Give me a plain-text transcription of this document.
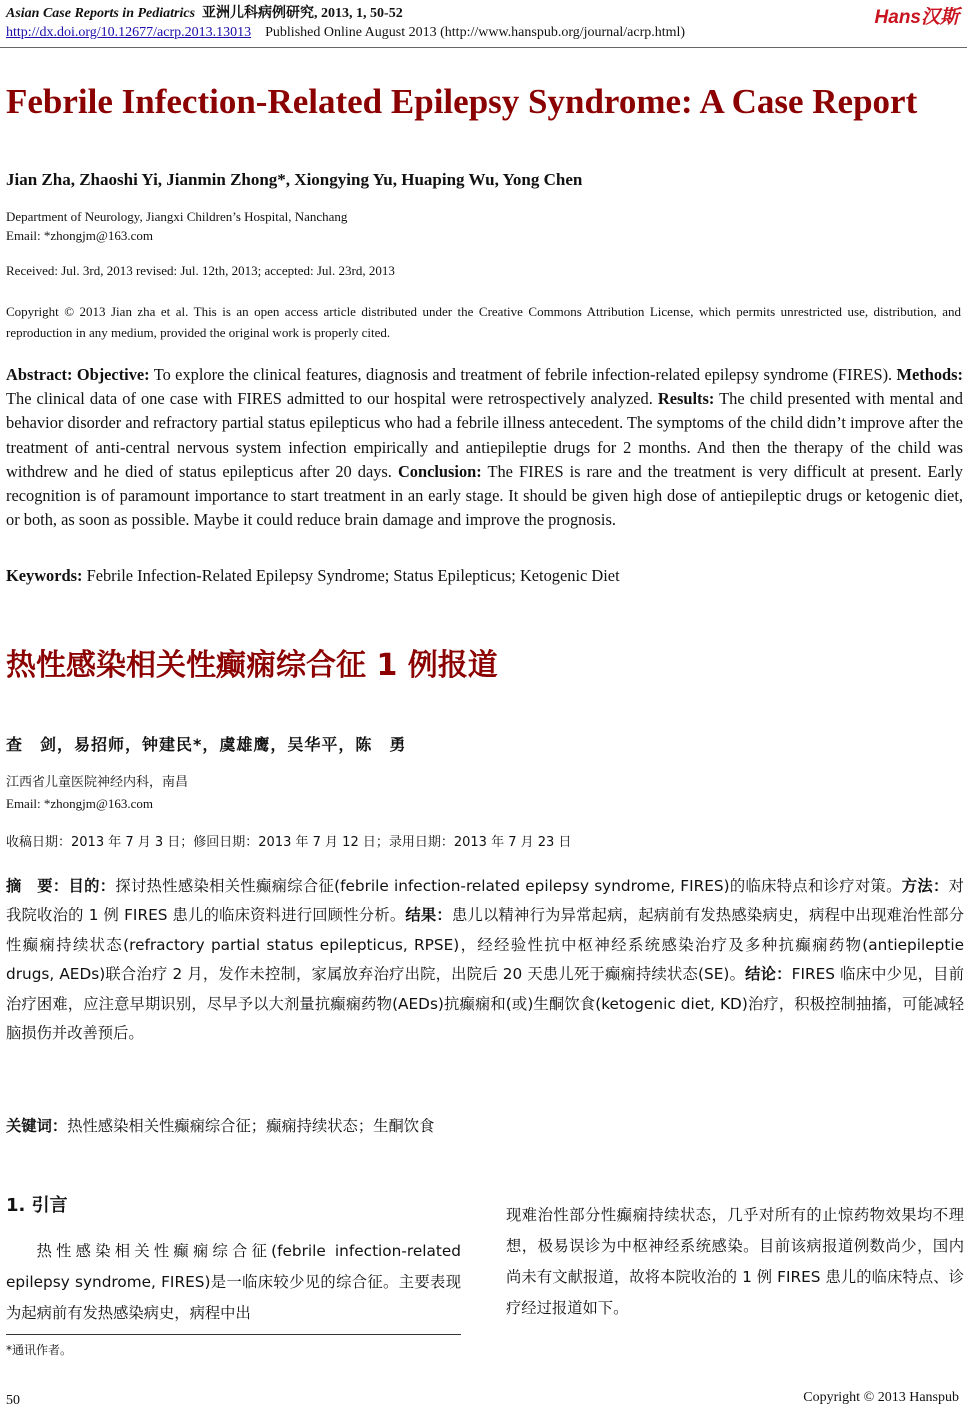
Asian Case Reports in Pediatrics 亚洲儿科病例研究, 2013, 1, 50-52
http://dx.doi.org/10.12677/acrp.2013.13013 Published Online August 2013 (http://www.hanspub.org/journal/acrp.html)
Hans汉斯
Febrile Infection-Related Epilepsy Syndrome: A Case Report
Jian Zha, Zhaoshi Yi, Jianmin Zhong*, Xiongying Yu, Huaping Wu, Yong Chen
Department of Neurology, Jiangxi Children’s Hospital, Nanchang
Email: *zhongjm@163.com
Received: Jul. 3rd, 2013 revised: Jul. 12th, 2013; accepted: Jul. 23rd, 2013
Copyright © 2013 Jian zha et al. This is an open access article distributed under the Creative Commons Attribution License, which permits unrestricted use, distribution, and reproduction in any medium, provided the original work is properly cited.
Abstract: Objective: To explore the clinical features, diagnosis and treatment of febrile infection-related epilepsy syndrome (FIRES). Methods: The clinical data of one case with FIRES admitted to our hospital were retrospectively analyzed. Results: The child presented with mental and behavior disorder and refractory partial status epilepticus who had a febrile illness antecedent. The symptoms of the child didn’t improve after the treatment of anti-central nervous system infection empirically and antiepileptie drugs for 2 months. And then the therapy of the child was withdrew and he died of status epilepticus after 20 days. Conclusion: The FIRES is rare and the treatment is very difficult at present. Early recognition is of paramount importance to start treatment in an early stage. It should be given high dose of antiepileptic drugs or ketogenic diet, or both, as soon as possible. Maybe it could reduce brain damage and improve the prognosis.
Keywords: Febrile Infection-Related Epilepsy Syndrome; Status Epilepticus; Ketogenic Diet
热性感染相关性癫痫综合征 1 例报道
查　剑，易招师，钟建民*，虞雄鹰，吴华平，陈　勇
江西省儿童医院神经内科，南昌
Email: *zhongjm@163.com
收稿日期：2013 年 7 月 3 日；修回日期：2013 年 7 月 12 日；录用日期：2013 年 7 月 23 日
摘　要：目的：探讨热性感染相关性癫痫综合征(febrile infection-related epilepsy syndrome, FIRES)的临床特点和诊疗对策。方法：对我院收治的 1 例 FIRES 患儿的临床资料进行回顾性分析。结果：患儿以精神行为异常起病，起病前有发热感染病史，病程中出现难治性部分性癫痫持续状态(refractory partial status epilepticus, RPSE)，经经验性抗中枢神经系统感染治疗及多种抗癫痫药物(antiepileptie drugs, AEDs)联合治疗 2 月，发作未控制，家属放弃治疗出院，出院后 20 天患儿死于癫痫持续状态(SE)。结论：FIRES 临床中少见，目前治疗困难，应注意早期识别，尽早予以大剂量抗癫痫药物(AEDs)抗癫痫和(或)生酮饮食(ketogenic diet, KD)治疗，积极控制抽搐，可能减轻脑损伤并改善预后。
关键词：热性感染相关性癫痫综合征；癫痫持续状态；生酮饮食
1. 引言
热性感染相关性癫痫综合征(febrile infection-related epilepsy syndrome, FIRES)是一临床较少见的综合征。主要表现为起病前有发热感染病史，病程中出
现难治性部分性癫痫持续状态，几乎对所有的止惊药物效果均不理想，极易误诊为中枢神经系统感染。目前该病报道例数尚少，国内尚未有文献报道，故将本院收治的 1 例 FIRES 患儿的临床特点、诊疗经过报道如下。
*通讯作者。
50	Copyright © 2013 Hanspub
